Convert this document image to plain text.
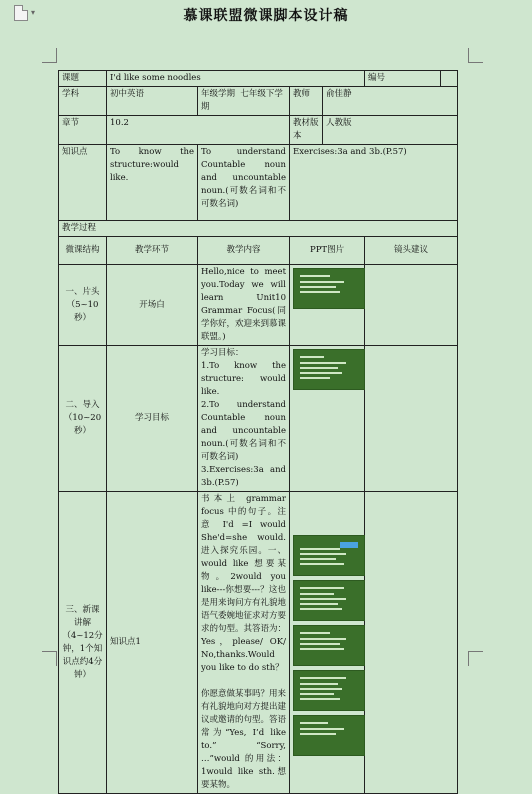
▾	慕课联盟微课脚本设计稿
课题	I'd like some noodles				编号	
学科	初中英语	年级学期 七年级下学期	教师	俞佳静		
章节	10.2		教材版本	人教版		
知识点	To know the structure:would like.	To understand Countable noun and uncountable noun.(可数名词和不可数名词)	Exercises:3a and 3b.(P.57)			
教学过程						
微课结构	教学环节	教学内容	PPT图片		镜头建议	
一、片头（5~10秒）	开场白	Hello,nice to meet you.Today we will learn Unit10 Grammar Focus(同学你好，欢迎来到慕课联盟。)			

二、导入（10~20秒）	学习目标	学习目标：
1.To know the structure: would like.
2.To understand Countable noun and uncountable noun.(可数名词和不可数名词)
3.Exercises:3a and 3b.(P.57)				

三、新课讲解（4~12分钟，1个知识点约4分钟）	知识点1	书本上 grammar focus 中的句子。注意 I'd =I would She'd=she would.进入探究乐园。一、would like 想要某物。2would you like---你想要---？这也是用来询问方有礼貌地语气委婉地征求对方要求的句型。其答语为：Yes，please/ OK/ No,thanks.Would you like to do sth？
你愿意做某事吗？用来有礼貌地向对方提出建议或邀请的句型。答语常为“Yes, I’d like to.” “Sorry, …”would 的用法：1would like sth.想要某物。				
